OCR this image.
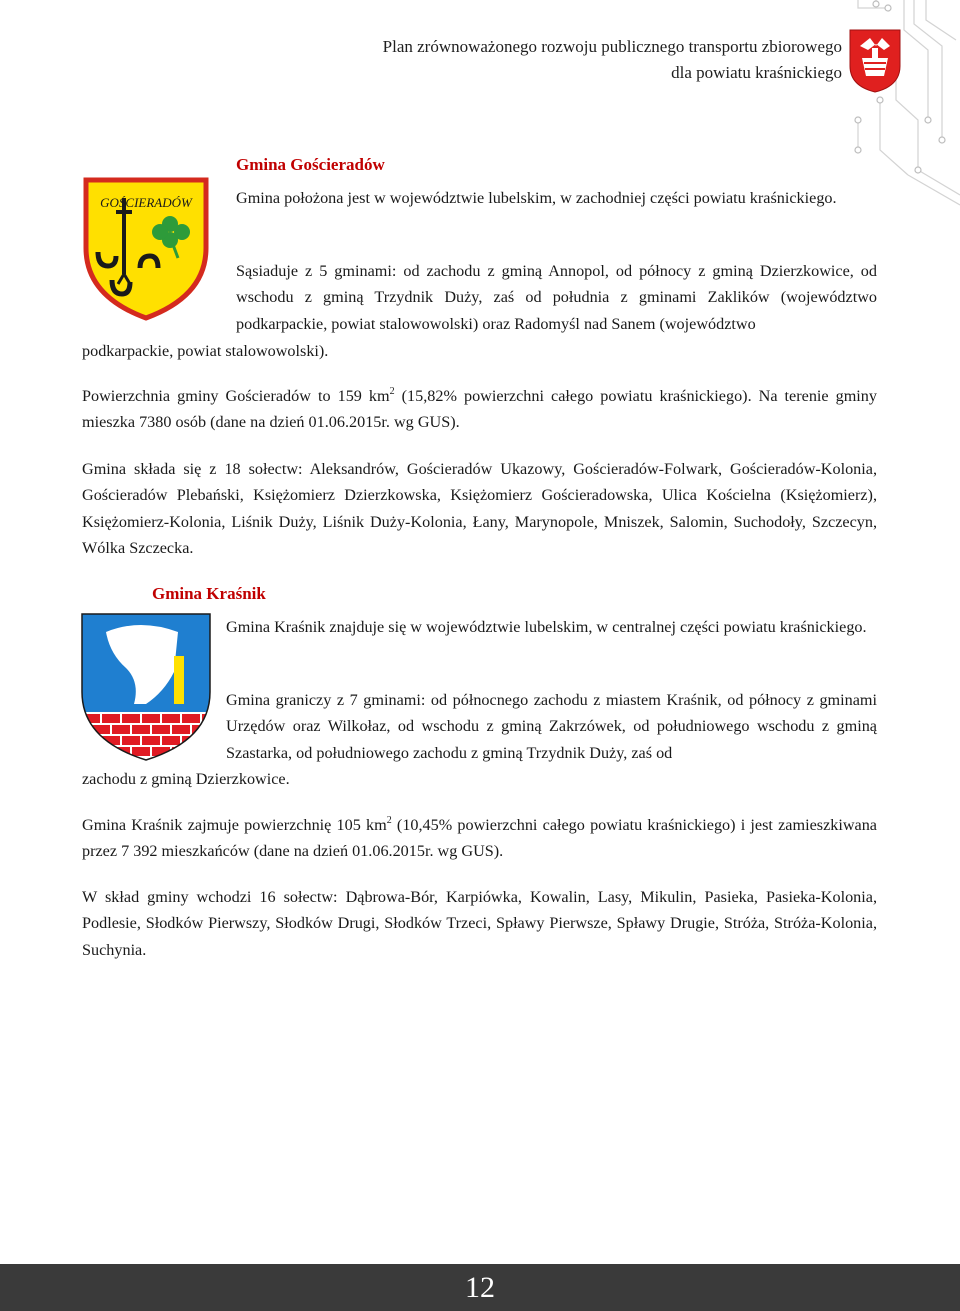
Plan zrównoważonego rozwoju publicznego transportu zbiorowego
dla powiatu kraśnickiego
GOŚCIERADÓW
Gmina Gościeradów

Gmina położona jest w województwie lubelskim, w zachodniej części powiatu kraśnickiego.

Sąsiaduje z 5 gminami: od zachodu z gminą Annopol, od północy z gminą Dzierzkowice, od wschodu z gminą Trzydnik Duży, zaś od południa z gminami Zaklików (województwo podkarpackie, powiat stalowowolski) oraz Radomyśl nad Sanem (województwo

podkarpackie, powiat stalowowolski).

Powierzchnia gminy Gościeradów to 159 $km^2$ (15,82% powierzchni całego powiatu kraśnickiego). Na terenie gminy mieszka 7380 osób (dane na dzień 01.06.2015r. wg GUS).

Gmina składa się z 18 sołectw: Aleksandrów, Gościeradów Ukazowy, Gościeradów-Folwark, Gościeradów-Kolonia, Gościeradów Plebański, Księżomierz Dzierzkowska, Księżomierz Gościeradowska, Ulica Kościelna (Księżomierz), Księżomierz-Kolonia, Liśnik Duży, Liśnik Duży-Kolonia, Łany, Marynopole, Mniszek, Salomin, Suchodoły, Szczecyn, Wólka Szczecka.

Gmina Kraśnik

Gmina Kraśnik znajduje się w województwie lubelskim, w centralnej części powiatu kraśnickiego.

Gmina graniczy z 7 gminami: od północnego zachodu z miastem Kraśnik, od północy z gminami Urzędów oraz Wilkołaz, od wschodu z gminą Zakrzówek, od południowego wschodu z gminą Szastarka, od południowego zachodu z gminą Trzydnik Duży, zaś od

zachodu z gminą Dzierzkowice.

Gmina Kraśnik zajmuje powierzchnię 105 $km^2$ (10,45% powierzchni całego powiatu kraśnickiego) i jest zamieszkiwana przez 7 392 mieszkańców (dane na dzień 01.06.2015r. wg GUS).

W skład gminy wchodzi 16 sołectw: Dąbrowa-Bór, Karpiówka, Kowalin, Lasy, Mikulin, Pasieka, Pasieka-Kolonia, Podlesie, Słodków Pierwszy, Słodków Drugi, Słodków Trzeci, Spławy Pierwsze, Spławy Drugie, Stróża, Stróża-Kolonia, Suchynia.

12
